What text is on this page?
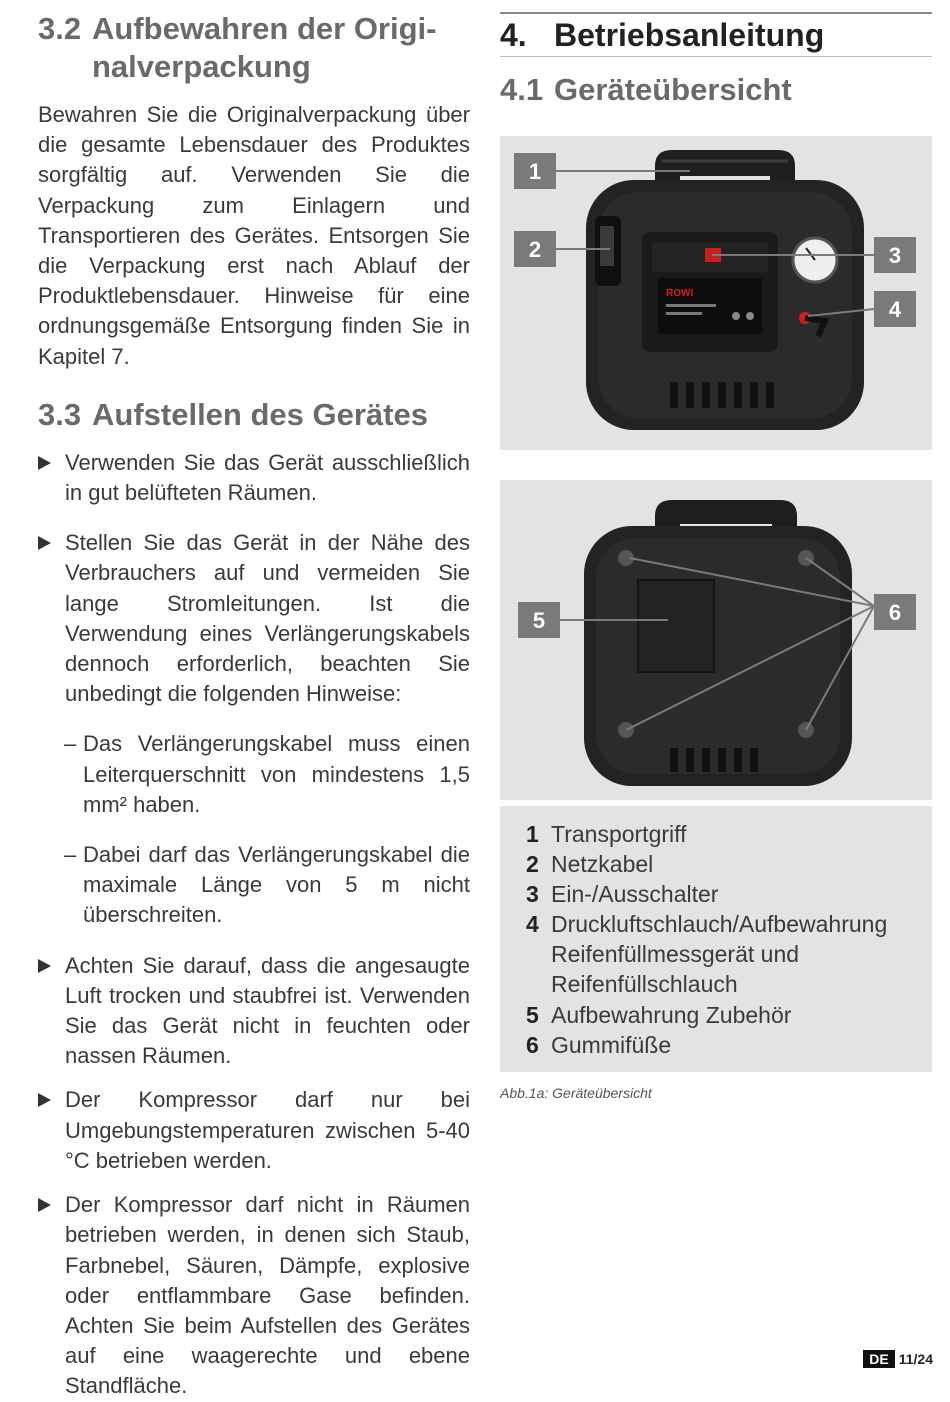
3.2 Aufbewahren der Origi-
nalverpackung

Bewahren Sie die Originalverpackung über die gesamte Lebensdauer des Produktes sorgfältig auf. Verwenden Sie die Verpackung zum Einlagern und Transportieren des Gerätes. Entsorgen Sie die Verpackung erst nach Ablauf der Produktlebensdauer. Hinweise für eine ordnungsgemäße Entsorgung finden Sie in Kapitel 7.

3.3 Aufstellen des Gerätes
Verwenden Sie das Gerät ausschließlich in gut belüfteten Räumen.
Stellen Sie das Gerät in der Nähe des Verbrauchers auf und vermeiden Sie lange Stromleitungen. Ist die Verwendung eines Verlängerungskabels dennoch erforderlich, beachten Sie unbedingt die folgenden Hinweise:
– Das Verlängerungskabel muss einen Leiterquerschnitt von mindestens 1,5 mm² haben.
– Dabei darf das Verlängerungskabel die maximale Länge von 5 m nicht überschreiten.
Achten Sie darauf, dass die angesaugte Luft trocken und staubfrei ist. Verwenden Sie das Gerät nicht in feuchten oder nassen Räumen.
Der Kompressor darf nur bei Umgebungstemperaturen zwischen 5-40 °C betrieben werden.
Der Kompressor darf nicht in Räumen betrieben werden, in denen sich Staub, Farbnebel, Säuren, Dämpfe, explosive oder entflammbare Gase befinden. Achten Sie beim Aufstellen des Gerätes auf eine waagerechte und ebene Standfläche.
4. Betriebsanleitung
4.1 Geräteübersicht
ROWI
1
2	3
4
5	6
1 Transportgriff
2 Netzkabel
3 Ein-/Ausschalter
4 Druckluftschlauch/Aufbewahrung Reifenfüllmessgerät und Reifenfüllschlauch
5 Aufbewahrung Zubehör
6 Gummifüße
Abb.1a: Geräteübersicht
DE 11/24
